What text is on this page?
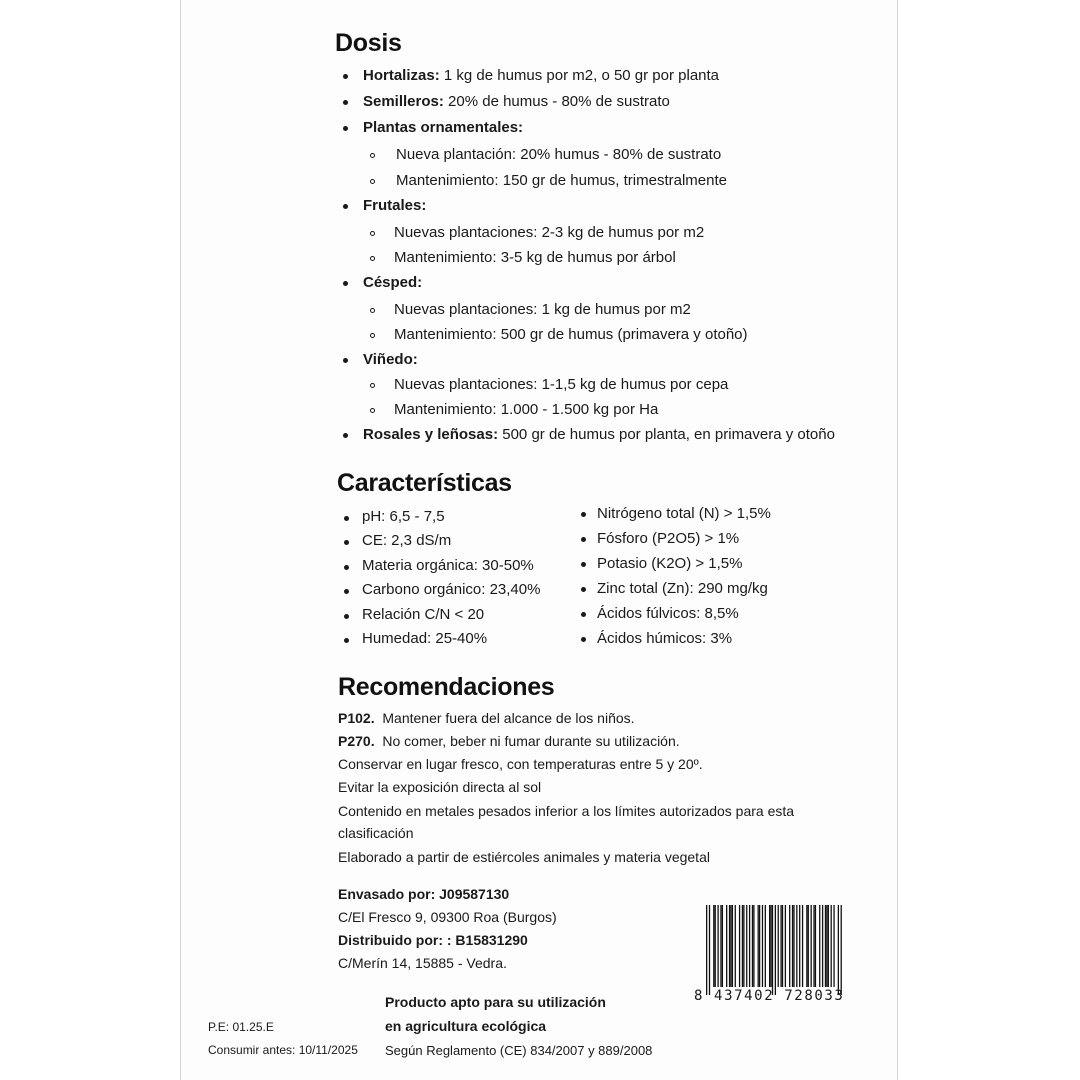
Dosis
Hortalizas: 1 kg de humus por m2, o 50 gr por planta
Semilleros: 20% de humus - 80% de sustrato
Plantas ornamentales:
Nueva plantación: 20% humus - 80% de sustrato
Mantenimiento: 150 gr de humus, trimestralmente
Frutales:
Nuevas plantaciones: 2-3 kg de humus por m2
Mantenimiento: 3-5 kg de humus por árbol
Césped:
Nuevas plantaciones: 1 kg de humus por m2
Mantenimiento: 500 gr de humus (primavera y otoño)
Viñedo:
Nuevas plantaciones: 1-1,5 kg de humus por cepa
Mantenimiento: 1.000 - 1.500 kg por Ha
Rosales y leñosas: 500 gr de humus por planta, en primavera y otoño
Características
pH: 6,5 - 7,5
CE: 2,3 dS/m
Materia orgánica: 30-50%
Carbono orgánico: 23,40%
Relación C/N < 20
Humedad: 25-40%
Nitrógeno total (N) > 1,5%
Fósforo (P2O5) > 1%
Potasio (K2O) > 1,5%
Zinc total (Zn): 290 mg/kg
Ácidos fúlvicos: 8,5%
Ácidos húmicos: 3%
Recomendaciones
P102. Mantener fuera del alcance de los niños.
P270. No comer, beber ni fumar durante su utilización.
Conservar en lugar fresco, con temperaturas entre 5 y 20º.
Evitar la exposición directa al sol
Contenido en metales pesados inferior a los límites autorizados para esta
clasificación
Elaborado a partir de estiércoles animales y materia vegetal
Envasado por: J09587130
C/El Fresco 9, 09300 Roa (Burgos)
Distribuido por: : B15831290
C/Merín 14, 15885 - Vedra.
8 437402 728033
Producto apto para su utilización
en agricultura ecológica
Según Reglamento (CE) 834/2007 y 889/2008
P.E: 01.25.E
Consumir antes: 10/11/2025
